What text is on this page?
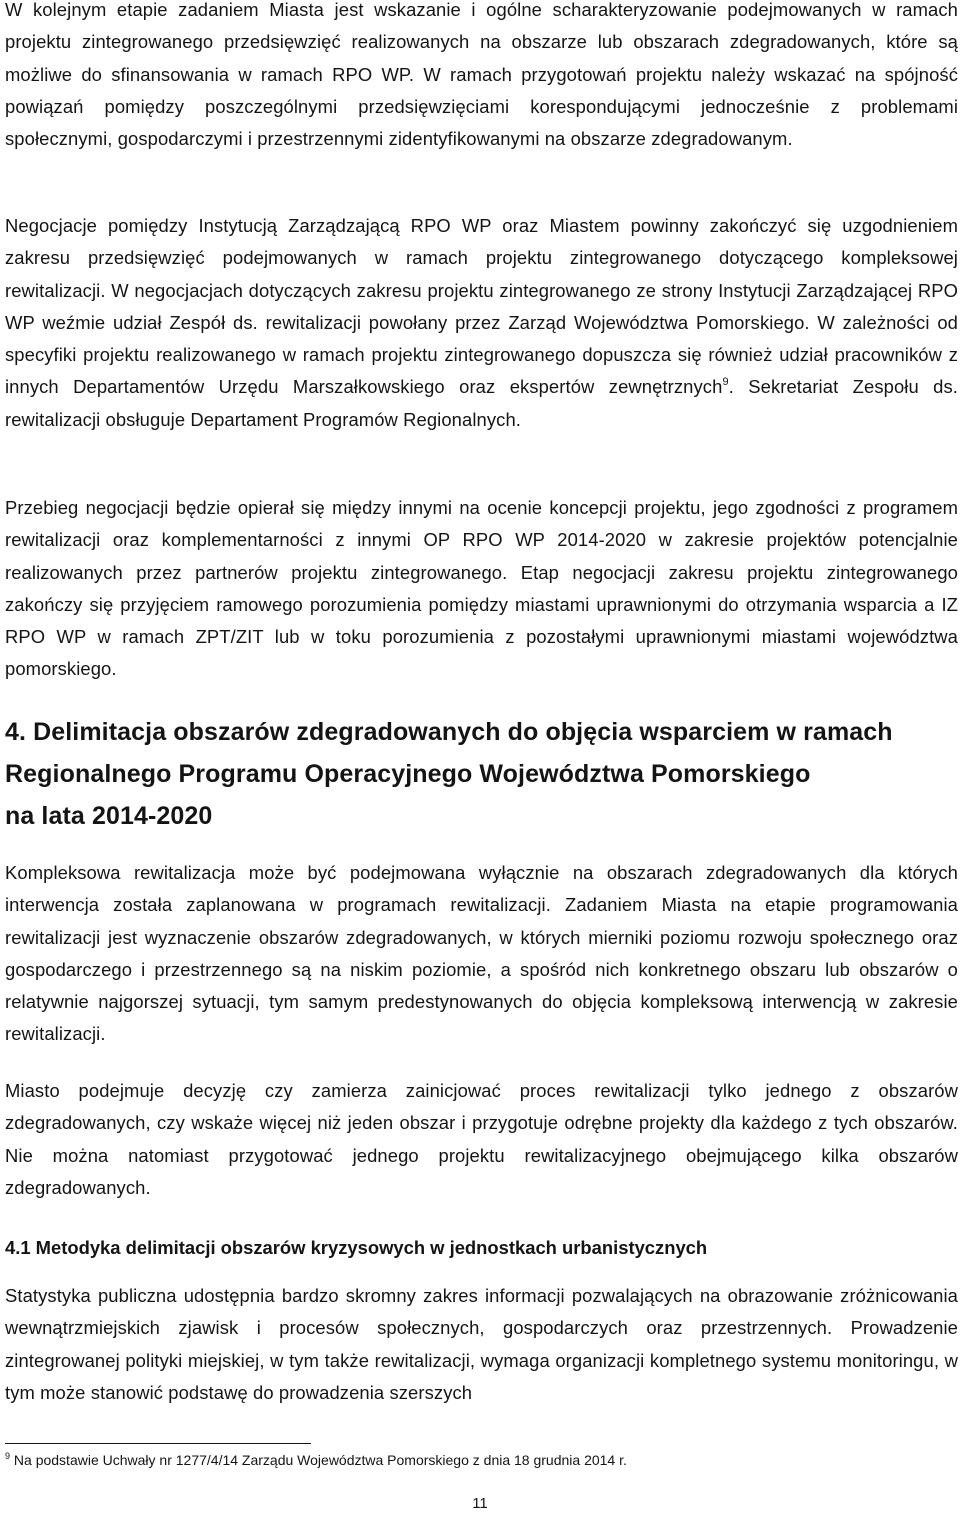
W kolejnym etapie zadaniem Miasta jest wskazanie i ogólne scharakteryzowanie podejmowanych w ramach projektu zintegrowanego przedsięwzięć realizowanych na obszarze lub obszarach zdegradowanych, które są możliwe do sfinansowania w ramach RPO WP. W ramach przygotowań projektu należy wskazać na spójność powiązań pomiędzy poszczególnymi przedsięwzięciami korespondującymi jednocześnie z problemami społecznymi, gospodarczymi i przestrzennymi zidentyfikowanymi na obszarze zdegradowanym.

Negocjacje pomiędzy Instytucją Zarządzającą RPO WP oraz Miastem powinny zakończyć się uzgodnieniem zakresu przedsięwzięć podejmowanych w ramach projektu zintegrowanego dotyczącego kompleksowej rewitalizacji. W negocjacjach dotyczących zakresu projektu zintegrowanego ze strony Instytucji Zarządzającej RPO WP weźmie udział Zespół ds. rewitalizacji powołany przez Zarząd Województwa Pomorskiego. W zależności od specyfiki projektu realizowanego w ramach projektu zintegrowanego dopuszcza się również udział pracowników z innych Departamentów Urzędu Marszałkowskiego oraz ekspertów zewnętrznych$^9$. Sekretariat Zespołu ds. rewitalizacji obsługuje Departament Programów Regionalnych.

Przebieg negocjacji będzie opierał się między innymi na ocenie koncepcji projektu, jego zgodności z programem rewitalizacji oraz komplementarności z innymi OP RPO WP 2014-2020 w zakresie projektów potencjalnie realizowanych przez partnerów projektu zintegrowanego. Etap negocjacji zakresu projektu zintegrowanego zakończy się przyjęciem ramowego porozumienia pomiędzy miastami uprawnionymi do otrzymania wsparcia a IZ RPO WP w ramach ZPT/ZIT lub w toku porozumienia z pozostałymi uprawnionymi miastami województwa pomorskiego.

4. Delimitacja obszarów zdegradowanych do objęcia wsparciem w ramach
Regionalnego Programu Operacyjnego Województwa Pomorskiego
na lata 2014-2020

Kompleksowa rewitalizacja może być podejmowana wyłącznie na obszarach zdegradowanych dla których interwencja została zaplanowana w programach rewitalizacji. Zadaniem Miasta na etapie programowania rewitalizacji jest wyznaczenie obszarów zdegradowanych, w których mierniki poziomu rozwoju społecznego oraz gospodarczego i przestrzennego są na niskim poziomie, a spośród nich konkretnego obszaru lub obszarów o relatywnie najgorszej sytuacji, tym samym predestynowanych do objęcia kompleksową interwencją w zakresie rewitalizacji.

Miasto podejmuje decyzję czy zamierza zainicjować proces rewitalizacji tylko jednego z obszarów zdegradowanych, czy wskaże więcej niż jeden obszar i przygotuje odrębne projekty dla każdego z tych obszarów. Nie można natomiast przygotować jednego projektu rewitalizacyjnego obejmującego kilka obszarów zdegradowanych.

4.1 Metodyka delimitacji obszarów kryzysowych w jednostkach urbanistycznych

Statystyka publiczna udostępnia bardzo skromny zakres informacji pozwalających na obrazowanie zróżnicowania wewnątrzmiejskich zjawisk i procesów społecznych, gospodarczych oraz przestrzennych. Prowadzenie zintegrowanej polityki miejskiej, w tym także rewitalizacji, wymaga organizacji kompletnego systemu monitoringu, w tym może stanowić podstawę do prowadzenia szerszych

$^9$ Na podstawie Uchwały nr 1277/4/14 Zarządu Województwa Pomorskiego z dnia 18 grudnia 2014 r.
11
